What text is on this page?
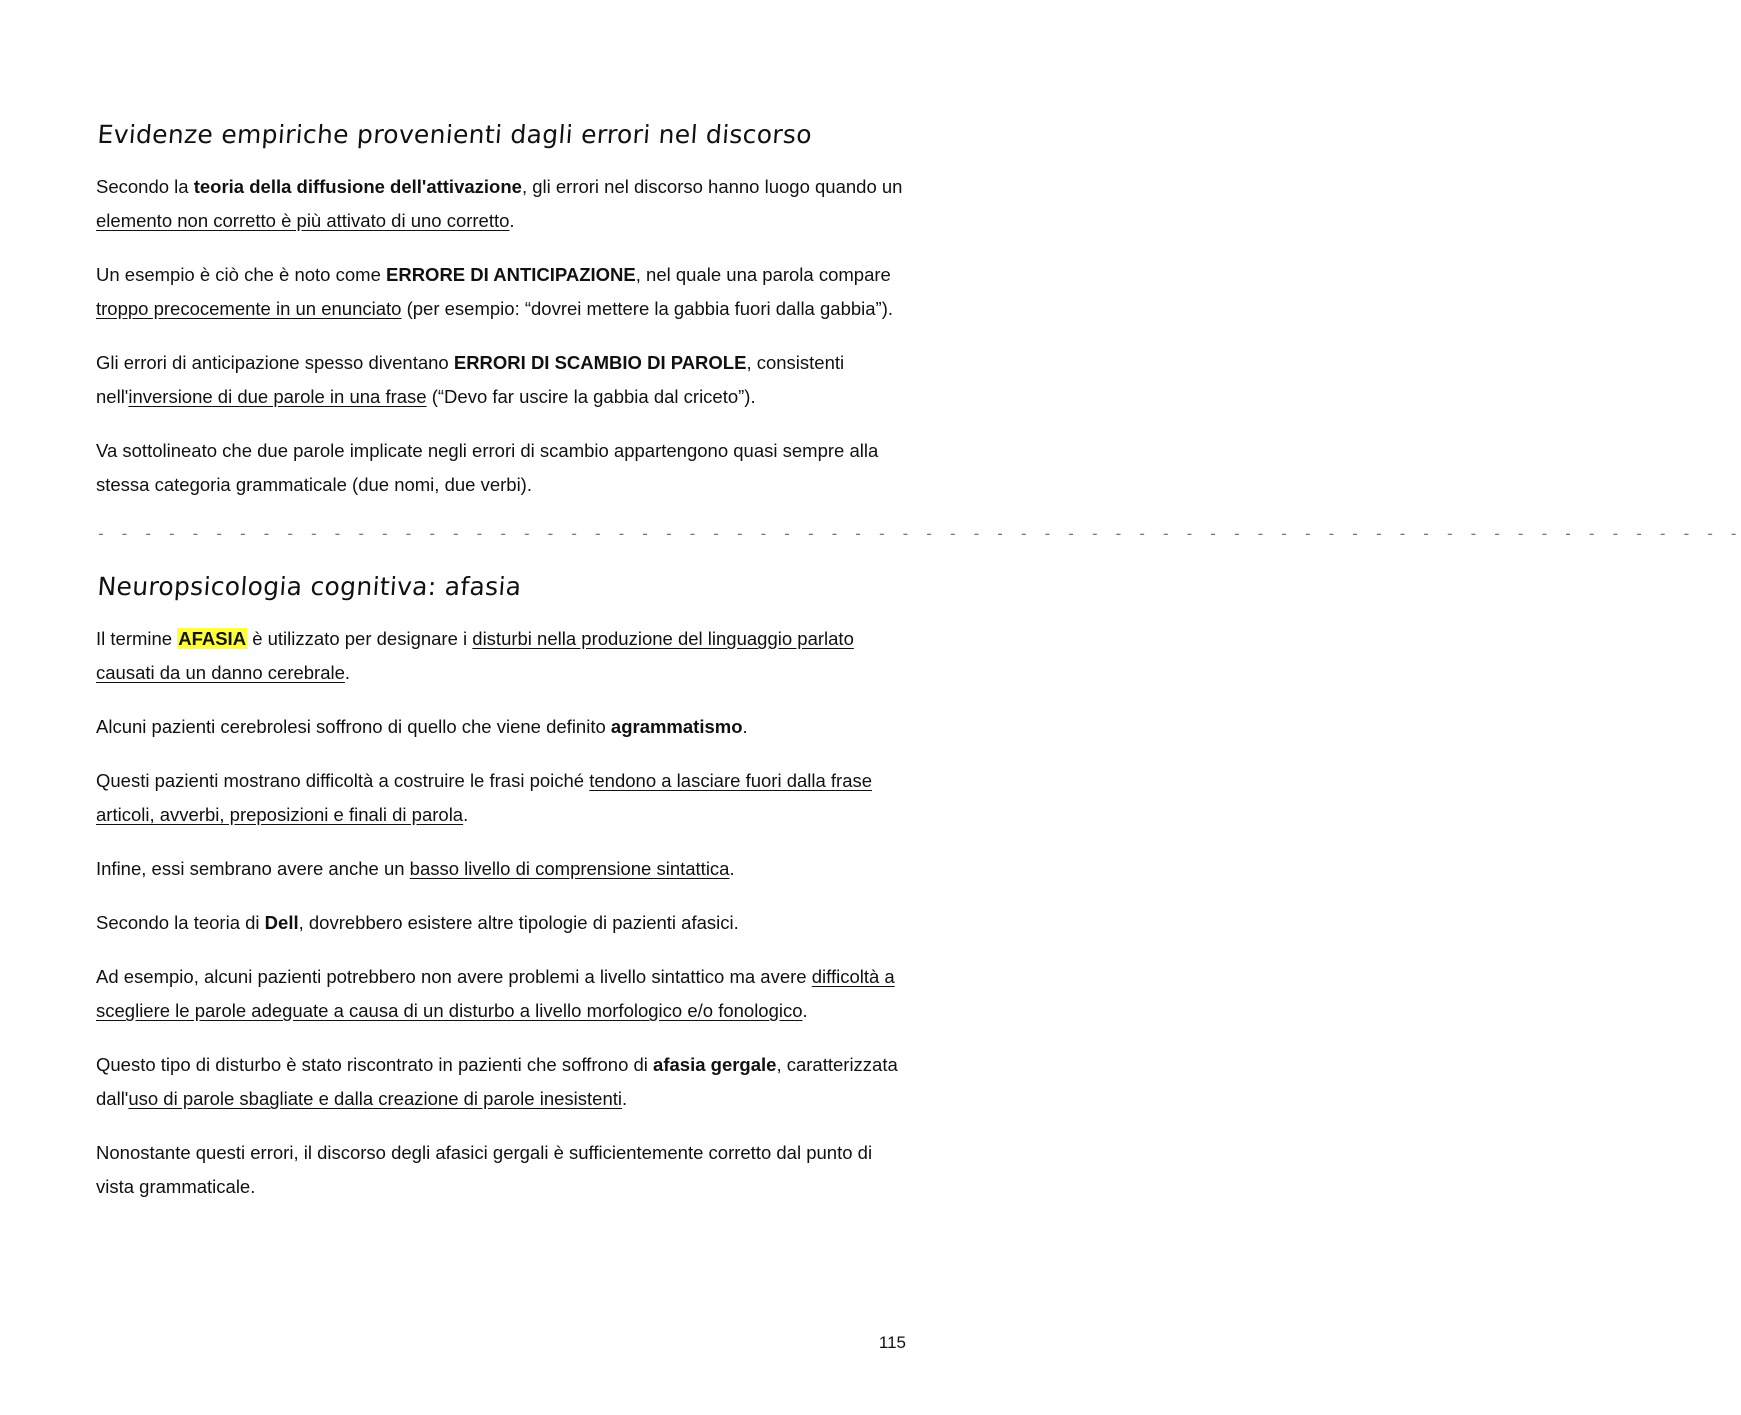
Evidenze empiriche provenienti dagli errori nel discorso

Secondo la teoria della diffusione dell'attivazione, gli errori nel discorso hanno luogo quando un elemento non corretto è più attivato di uno corretto.

Un esempio è ciò che è noto come ERRORE DI ANTICIPAZIONE, nel quale una parola compare troppo precocemente in un enunciato (per esempio: “dovrei mettere la gabbia fuori dalla gabbia”).

Gli errori di anticipazione spesso diventano ERRORI DI SCAMBIO DI PAROLE, consistenti nell'inversione di due parole in una frase (“Devo far uscire la gabbia dal criceto”).

Va sottolineato che due parole implicate negli errori di scambio appartengono quasi sempre alla stessa categoria grammaticale (due nomi, due verbi).

- - - - - - - - - - - - - - - - - - - - - - - - - - - - - - - - - - - - - - - - - - - - - - - - - - - - - - - - - - - - - - - - - - - - - -
Neuropsicologia cognitiva: afasia

Il termine AFASIA è utilizzato per designare i disturbi nella produzione del linguaggio parlato causati da un danno cerebrale.

Alcuni pazienti cerebrolesi soffrono di quello che viene definito agrammatismo.

Questi pazienti mostrano difficoltà a costruire le frasi poiché tendono a lasciare fuori dalla frase articoli, avverbi, preposizioni e finali di parola.

Infine, essi sembrano avere anche un basso livello di comprensione sintattica.

Secondo la teoria di Dell, dovrebbero esistere altre tipologie di pazienti afasici.

Ad esempio, alcuni pazienti potrebbero non avere problemi a livello sintattico ma avere difficoltà a scegliere le parole adeguate a causa di un disturbo a livello morfologico e/o fonologico.

Questo tipo di disturbo è stato riscontrato in pazienti che soffrono di afasia gergale, caratterizzata dall'uso di parole sbagliate e dalla creazione di parole inesistenti.

Nonostante questi errori, il discorso degli afasici gergali è sufficientemente corretto dal punto di vista grammaticale.

115
